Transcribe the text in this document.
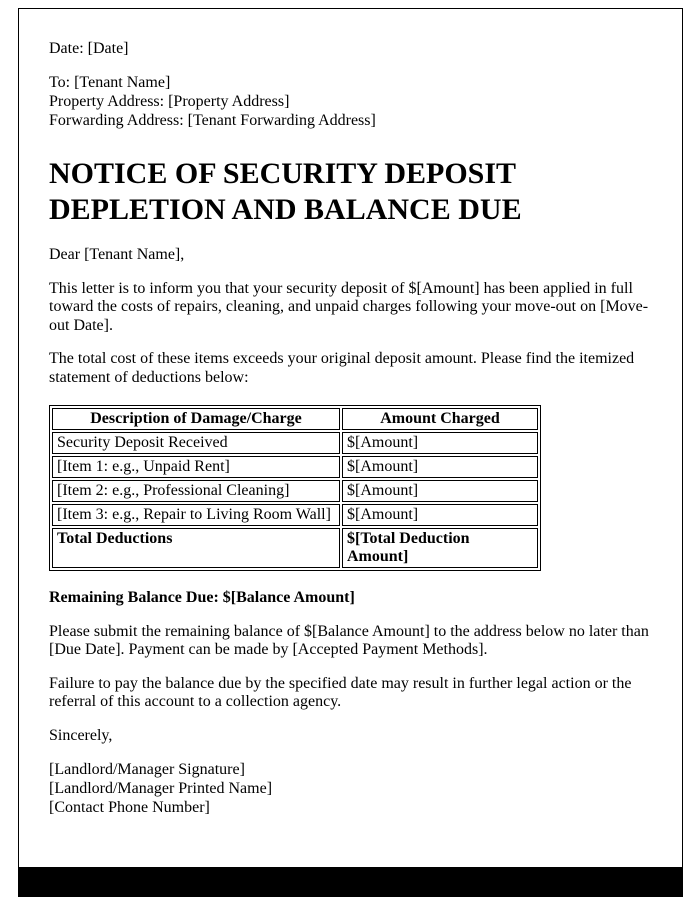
Date: [Date]

To: [Tenant Name]

Property Address: [Property Address]

Forwarding Address: [Tenant Forwarding Address]

NOTICE OF SECURITY DEPOSIT DEPLETION AND BALANCE DUE

Dear [Tenant Name],

This letter is to inform you that your security deposit of $[Amount] has been applied in full toward the costs of repairs, cleaning, and unpaid charges following your move-out on [Move-out Date].

The total cost of these items exceeds your original deposit amount. Please find the itemized statement of deductions below:

Description of Damage/Charge	Amount Charged
Security Deposit Received	$[Amount]
[Item 1: e.g., Unpaid Rent]	$[Amount]
[Item 2: e.g., Professional Cleaning]	$[Amount]
[Item 3: e.g., Repair to Living Room Wall]	$[Amount]
Total Deductions	$[Total Deduction Amount]

Remaining Balance Due: $[Balance Amount]

Please submit the remaining balance of $[Balance Amount] to the address below no later than [Due Date]. Payment can be made by [Accepted Payment Methods].

Failure to pay the balance due by the specified date may result in further legal action or the referral of this account to a collection agency.

Sincerely,

[Landlord/Manager Signature]

[Landlord/Manager Printed Name]

[Contact Phone Number]
